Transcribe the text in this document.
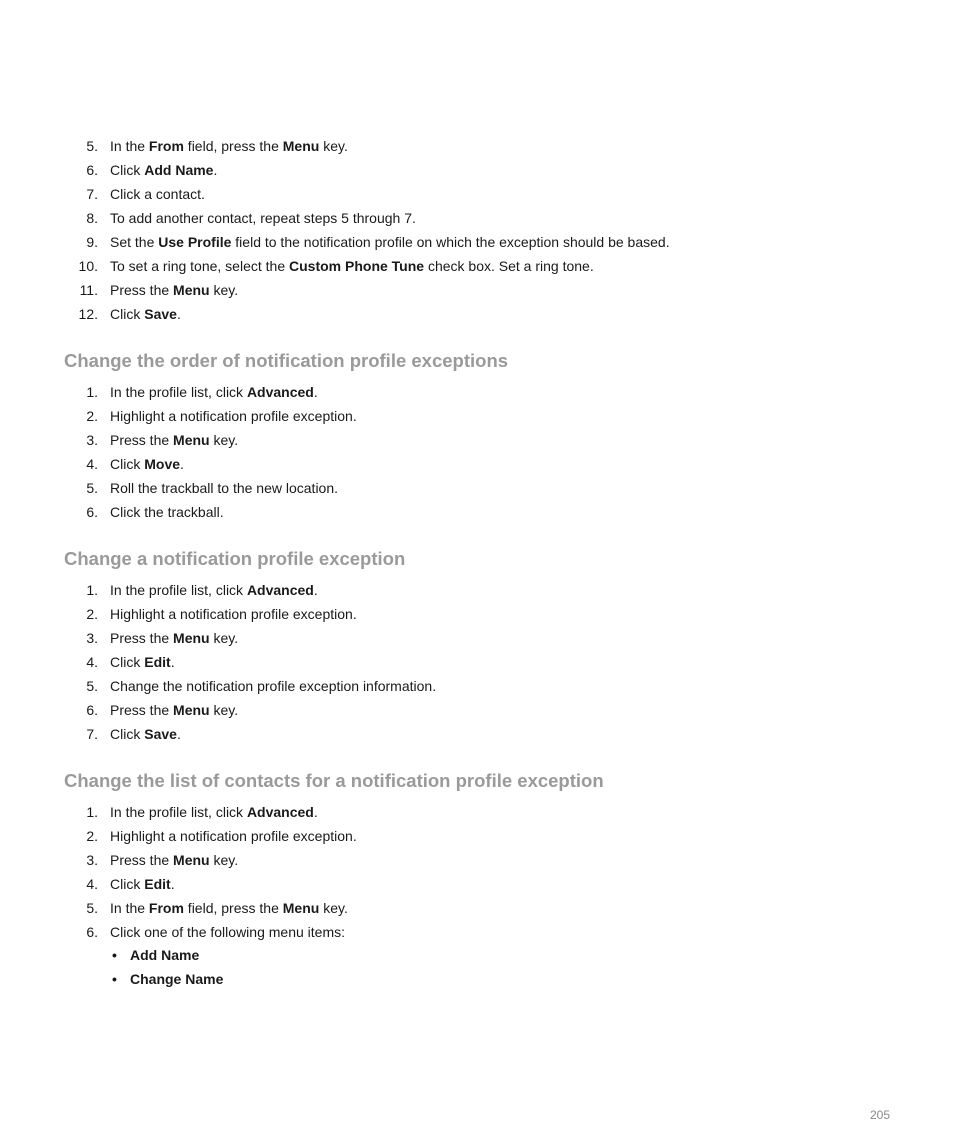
5. In the From field, press the Menu key.
6. Click Add Name.
7. Click a contact.
8. To add another contact, repeat steps 5 through 7.
9. Set the Use Profile field to the notification profile on which the exception should be based.
10. To set a ring tone, select the Custom Phone Tune check box. Set a ring tone.
11. Press the Menu key.
12. Click Save.
Change the order of notification profile exceptions
1. In the profile list, click Advanced.
2. Highlight a notification profile exception.
3. Press the Menu key.
4. Click Move.
5. Roll the trackball to the new location.
6. Click the trackball.
Change a notification profile exception
1. In the profile list, click Advanced.
2. Highlight a notification profile exception.
3. Press the Menu key.
4. Click Edit.
5. Change the notification profile exception information.
6. Press the Menu key.
7. Click Save.
Change the list of contacts for a notification profile exception
1. In the profile list, click Advanced.
2. Highlight a notification profile exception.
3. Press the Menu key.
4. Click Edit.
5. In the From field, press the Menu key.
6. Click one of the following menu items:
• Add Name
• Change Name
205
